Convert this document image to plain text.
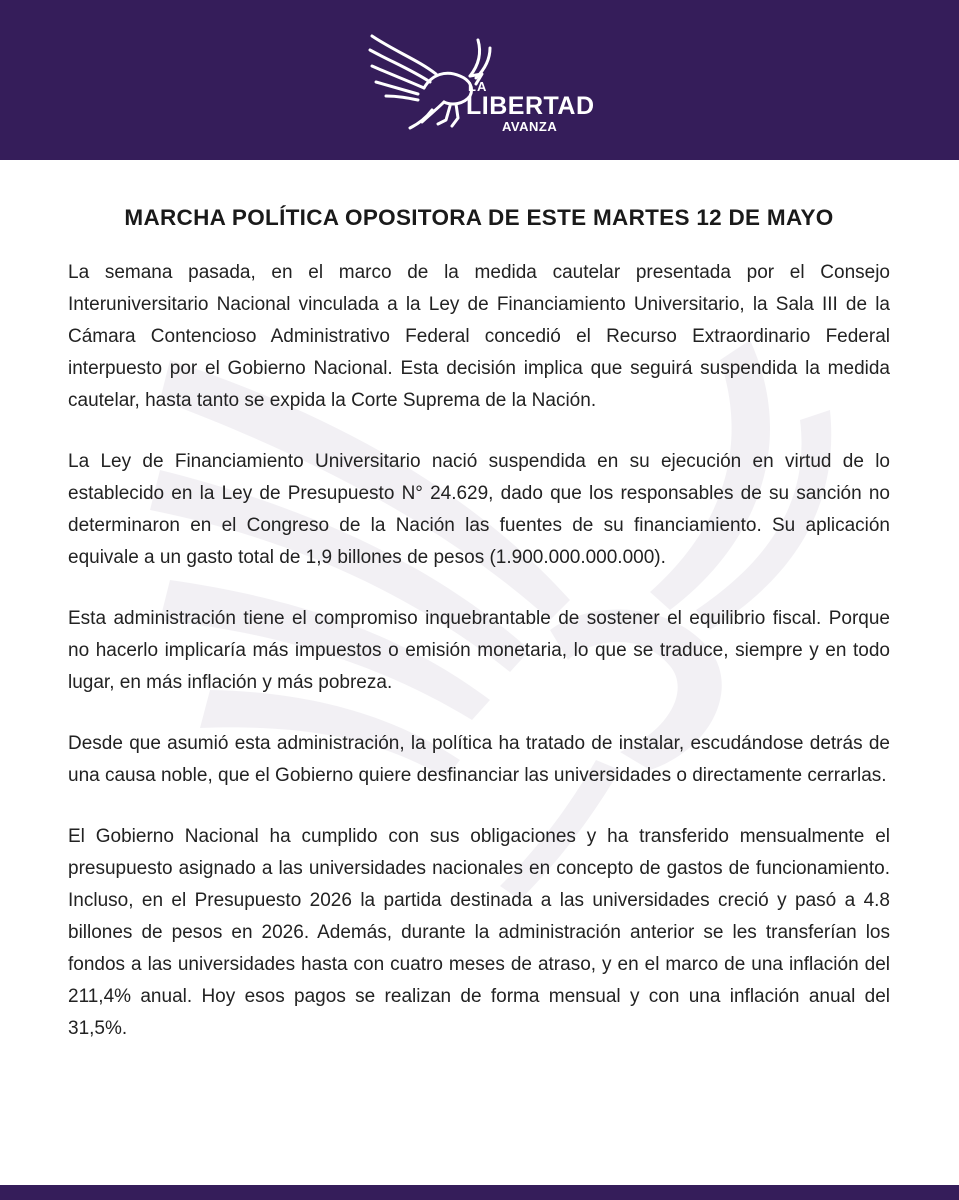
LA
LIBERTAD
AVANZA
MARCHA POLÍTICA OPOSITORA DE ESTE MARTES 12 DE MAYO

La semana pasada, en el marco de la medida cautelar presentada por el Consejo Interuniversitario Nacional vinculada a la Ley de Financiamiento Universitario, la Sala III de la Cámara Contencioso Administrativo Federal concedió el Recurso Extraordinario Federal interpuesto por el Gobierno Nacional. Esta decisión implica que seguirá suspendida la medida cautelar, hasta tanto se expida la Corte Suprema de la Nación.

La Ley de Financiamiento Universitario nació suspendida en su ejecución en virtud de lo establecido en la Ley de Presupuesto N° 24.629, dado que los responsables de su sanción no determinaron en el Congreso de la Nación las fuentes de su financiamiento. Su aplicación equivale a un gasto total de 1,9 billones de pesos (1.900.000.000.000).

Esta administración tiene el compromiso inquebrantable de sostener el equilibrio fiscal. Porque no hacerlo implicaría más impuestos o emisión monetaria, lo que se traduce, siempre y en todo lugar, en más inflación y más pobreza.

Desde que asumió esta administración, la política ha tratado de instalar, escudándose detrás de una causa noble, que el Gobierno quiere desfinanciar las universidades o directamente cerrarlas.

El Gobierno Nacional ha cumplido con sus obligaciones y ha transferido mensualmente el presupuesto asignado a las universidades nacionales en concepto de gastos de funcionamiento. Incluso, en el Presupuesto 2026 la partida destinada a las universidades creció y pasó a 4.8 billones de pesos en 2026. Además, durante la administración anterior se les transferían los fondos a las universidades hasta con cuatro meses de atraso, y en el marco de una inflación del 211,4% anual. Hoy esos pagos se realizan de forma mensual y con una inflación anual del 31,5%.
